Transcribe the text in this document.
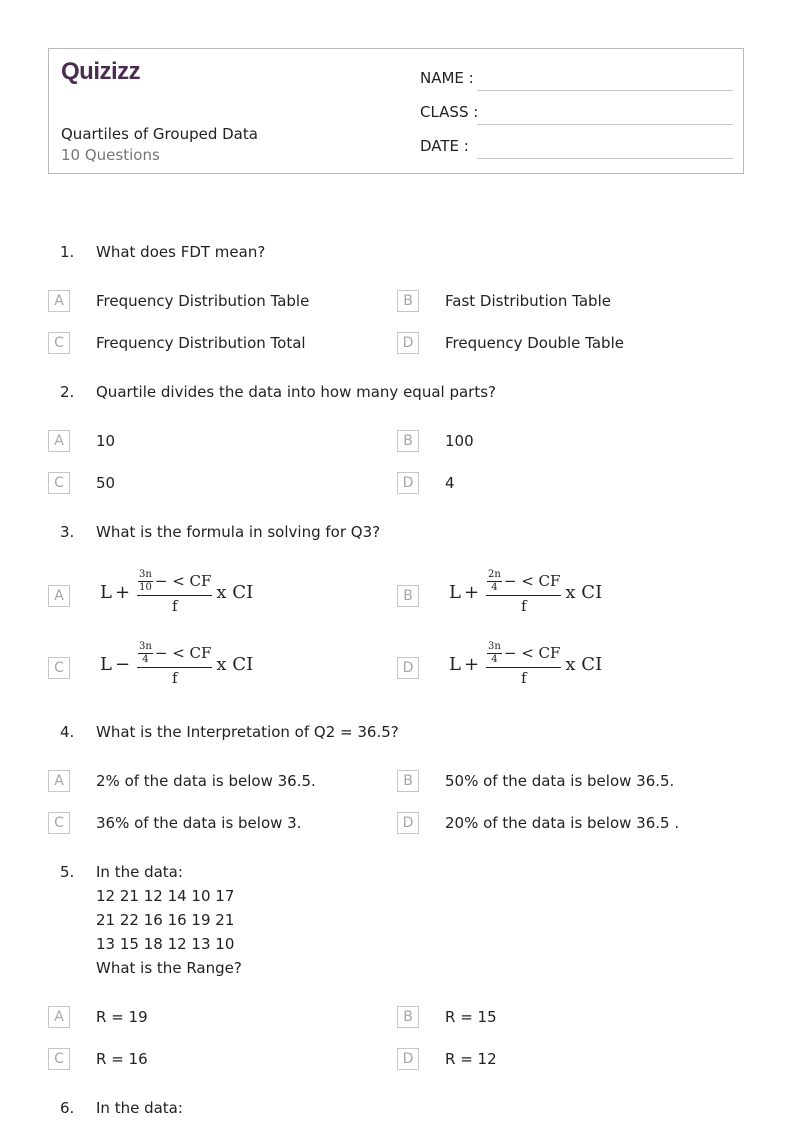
Quizizz
Quartiles of Grouped Data
10 Questions
NAME :
CLASS :
DATE :
1. What does FDT mean?
A	Frequency Distribution Table	B	Fast Distribution Table
C	Frequency Distribution Total	D	Frequency Double Table
2. Quartile divides the data into how many equal parts?
A	10	B	100
C	50	D	4
3. What is the formula in solving for Q3?
A	$L + \frac{\frac{3n}{10} - < CF}{f}$ x CI	B	$L + \frac{\frac{2n}{4} - < CF}{f}$ x CI
C	$L - \frac{\frac{3n}{4} - < CF}{f}$ x CI	D	$L + \frac{\frac{3n}{4} - < CF}{f}$ x CI
4. What is the Interpretation of Q2 = 36.5?
A	2% of the data is below 36.5.	B	50% of the data is below 36.5.
C	36% of the data is below 3.	D	20% of the data is below 36.5 .
5. In the data:
12 21 12 14 10 17
21 22 16 16 19 21
13 15 18 12 13 10
What is the Range?
A	R = 19	B	R = 15
C	R = 16	D	R = 12
6. In the data:
